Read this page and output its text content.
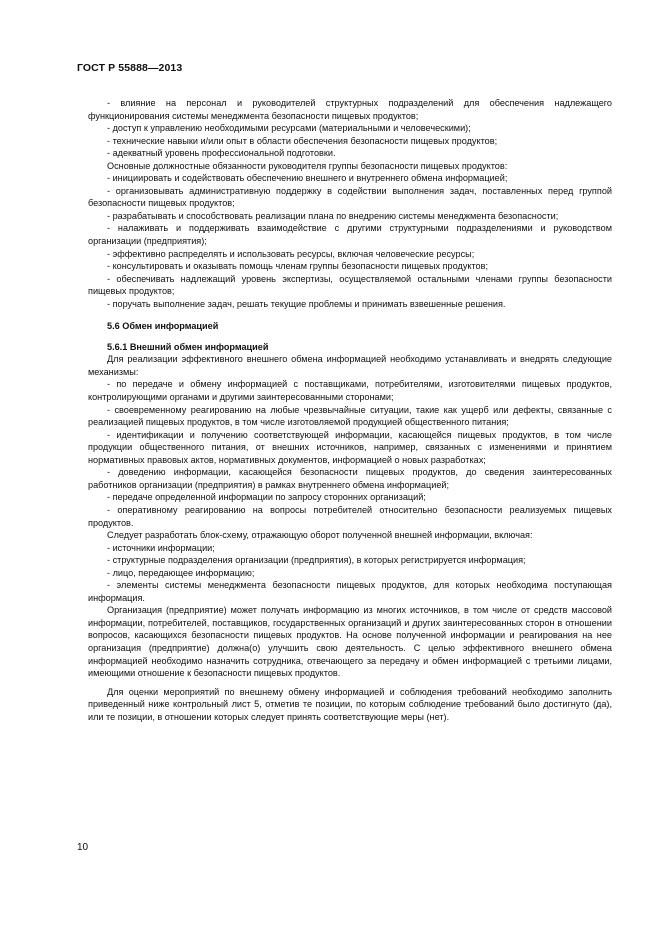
ГОСТ Р 55888—2013

- влияние на персонал и руководителей структурных подразделений для обеспечения надлежащего функционирования системы менеджмента безопасности пищевых продуктов;

- доступ к управлению необходимыми ресурсами (материальными и человеческими);

- технические навыки и/или опыт в области обеспечения безопасности пищевых продуктов;

- адекватный уровень профессиональной подготовки.

Основные должностные обязанности руководителя группы безопасности пищевых продуктов:

- инициировать и содействовать обеспечению внешнего и внутреннего обмена информацией;

- организовывать административную поддержку в содействии выполнения задач, поставленных перед группой безопасности пищевых продуктов;

- разрабатывать и способствовать реализации плана по внедрению системы менеджмента безопасности;

- налаживать и поддерживать взаимодействие с другими структурными подразделениями и руководством организации (предприятия);

- эффективно распределять и использовать ресурсы, включая человеческие ресурсы;

- консультировать и оказывать помощь членам группы безопасности пищевых продуктов;

- обеспечивать надлежащий уровень экспертизы, осуществляемой остальными членами группы безопасности пищевых продуктов;

- поручать выполнение задач, решать текущие проблемы и принимать взвешенные решения.

5.6 Обмен информацией

5.6.1 Внешний обмен информацией

Для реализации эффективного внешнего обмена информацией необходимо устанавливать и внедрять следующие механизмы:

- по передаче и обмену информацией с поставщиками, потребителями, изготовителями пищевых продуктов, контролирующими органами и другими заинтересованными сторонами;

- своевременному реагированию на любые чрезвычайные ситуации, такие как ущерб или дефекты, связанные с реализацией пищевых продуктов, в том числе изготовляемой продукцией общественного питания;

- идентификации и получению соответствующей информации, касающейся пищевых продуктов, в том числе продукции общественного питания, от внешних источников, например, связанных с изменениями и принятием нормативных правовых актов, нормативных документов, информацией о новых разработках;

- доведению информации, касающейся безопасности пищевых продуктов, до сведения заинтересованных работников организации (предприятия) в рамках внутреннего обмена информацией;

- передаче определенной информации по запросу сторонних организаций;

- оперативному реагированию на вопросы потребителей относительно безопасности реализуемых пищевых продуктов.

Следует разработать блок-схему, отражающую оборот полученной внешней информации, включая:

- источники информации;

- структурные подразделения организации (предприятия), в которых регистрируется информация;

- лицо, передающее информацию;

- элементы системы менеджмента безопасности пищевых продуктов, для которых необходима поступающая информация.

Организация (предприятие) может получать информацию из многих источников, в том числе от средств массовой информации, потребителей, поставщиков, государственных организаций и других заинтересованных сторон в отношении вопросов, касающихся безопасности пищевых продуктов. На основе полученной информации и реагирования на нее организация (предприятие) должна(о) улучшить свою деятельность. С целью эффективного внешнего обмена информацией необходимо назначить сотрудника, отвечающего за передачу и обмен информацией с третьими лицами, имеющими отношение к безопасности пищевых продуктов.

Для оценки мероприятий по внешнему обмену информацией и соблюдения требований необходимо заполнить приведенный ниже контрольный лист 5, отметив те позиции, по которым соблюдение требований было достигнуто (да), или те позиции, в отношении которых следует принять соответствующие меры (нет).

10
